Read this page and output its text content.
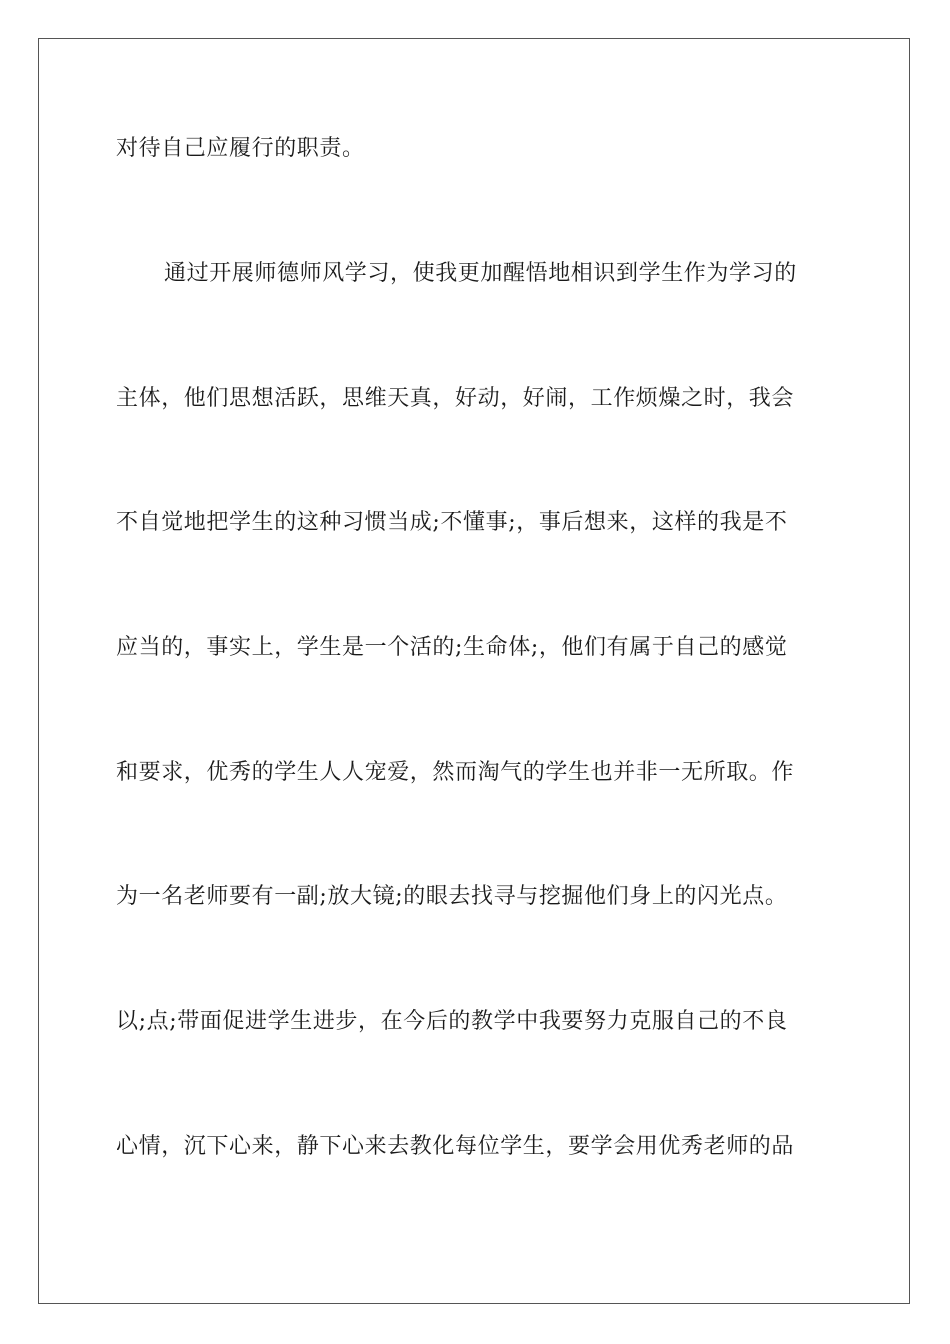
对待自己应履行的职责。
通过开展师德师风学习，使我更加醒悟地相识到学生作为学习的
主体，他们思想活跃，思维天真，好动，好闹，工作烦燥之时，我会
不自觉地把学生的这种习惯当成;不懂事;，事后想来，这样的我是不
应当的，事实上，学生是一个活的;生命体;，他们有属于自己的感觉
和要求，优秀的学生人人宠爱，然而淘气的学生也并非一无所取。作
为一名老师要有一副;放大镜;的眼去找寻与挖掘他们身上的闪光点。
以;点;带面促进学生进步，在今后的教学中我要努力克服自己的不良
心情，沉下心来，静下心来去教化每位学生，要学会用优秀老师的品
